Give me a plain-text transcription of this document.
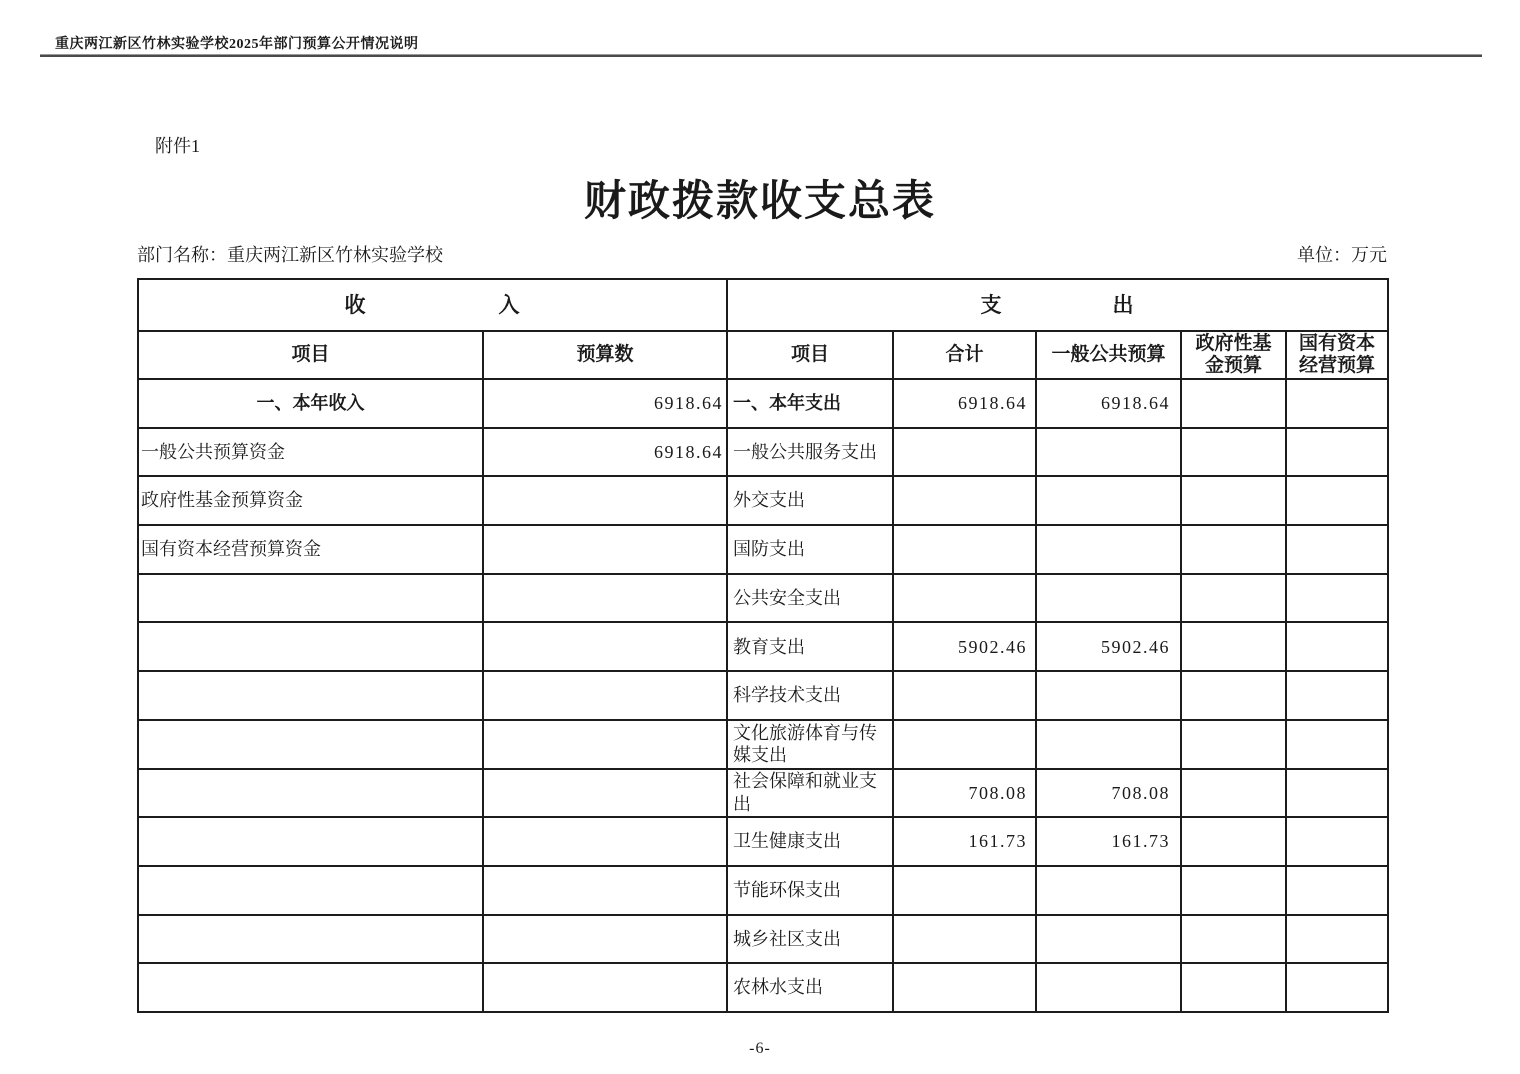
重庆两江新区竹林实验学校2025年部门预算公开情况说明
附件1
财政拨款收支总表
部门名称：重庆两江新区竹林实验学校	单位：万元
收　　　　　　入		支　　　　　出				
项目	预算数	项目	合计	一般公共预算	政府性基金预算	国有资本经营预算
一、本年收入	6918.64	一、本年支出	6918.64	6918.64		
一般公共预算资金	6918.64	一般公共服务支出				
政府性基金预算资金		外交支出				
国有资本经营预算资金		国防支出				
		公共安全支出				
		教育支出	5902.46	5902.46		
		科学技术支出				
		文化旅游体育与传媒支出				
		社会保障和就业支出	708.08	708.08		
		卫生健康支出	161.73	161.73		
		节能环保支出				
		城乡社区支出				
		农林水支出				
-6-
